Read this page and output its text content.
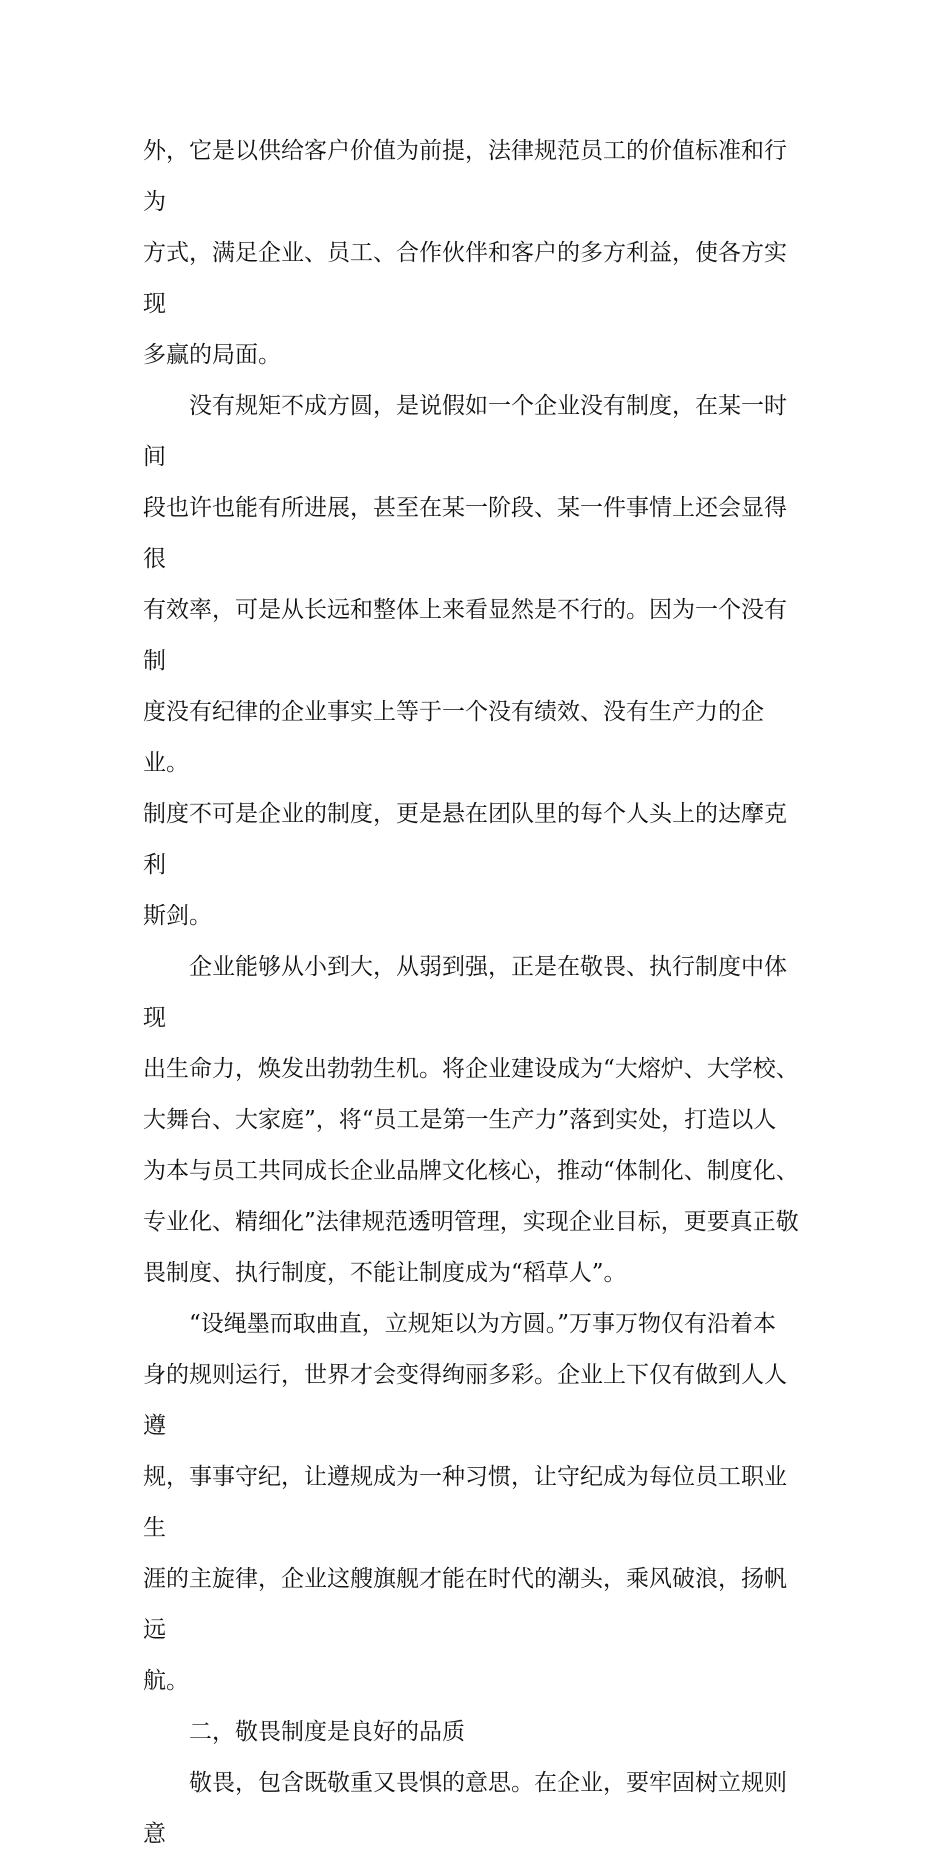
外，它是以供给客户价值为前提，法律规范员工的价值标准和行为
方式，满足企业、员工、合作伙伴和客户的多方利益，使各方实现
多赢的局面。
没有规矩不成方圆，是说假如一个企业没有制度，在某一时间
段也许也能有所进展，甚至在某一阶段、某一件事情上还会显得很
有效率，可是从长远和整体上来看显然是不行的。因为一个没有制
度没有纪律的企业事实上等于一个没有绩效、没有生产力的企业。
制度不可是企业的制度，更是悬在团队里的每个人头上的达摩克利
斯剑。
企业能够从小到大，从弱到强，正是在敬畏、执行制度中体现
出生命力，焕发出勃勃生机。将企业建设成为“大熔炉、大学校、
大舞台、大家庭”，将“员工是第一生产力”落到实处，打造以人
为本与员工共同成长企业品牌文化核心，推动“体制化、制度化、
专业化、精细化”法律规范透明管理，实现企业目标，更要真正敬
畏制度、执行制度，不能让制度成为“稻草人”。
“设绳墨而取曲直，立规矩以为方圆。”万事万物仅有沿着本
身的规则运行，世界才会变得绚丽多彩。企业上下仅有做到人人遵
规，事事守纪，让遵规成为一种习惯，让守纪成为每位员工职业生
涯的主旋律，企业这艘旗舰才能在时代的潮头，乘风破浪，扬帆远
航。
二，敬畏制度是良好的品质
敬畏，包含既敬重又畏惧的意思。在企业，要牢固树立规则意
